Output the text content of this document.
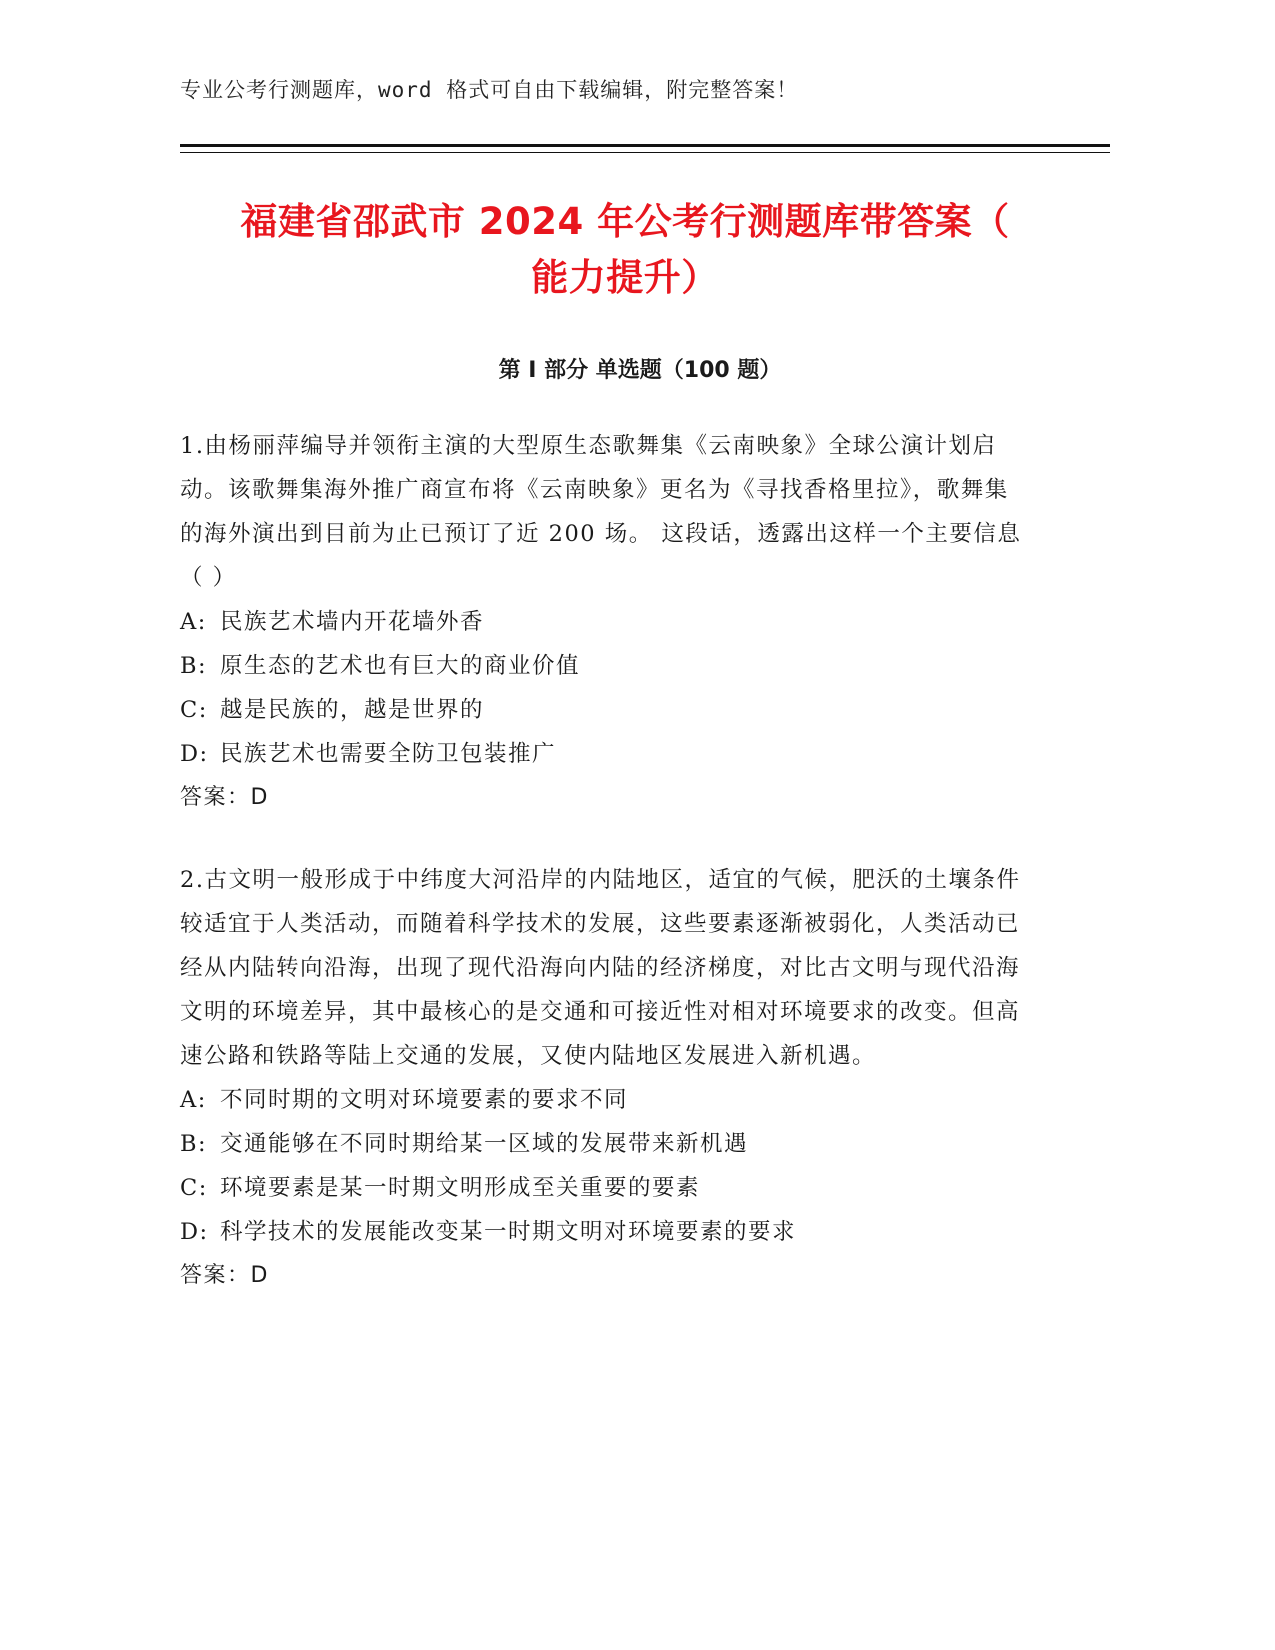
专业公考行测题库，word 格式可自由下载编辑，附完整答案！
福建省邵武市 2024 年公考行测题库带答案（
能力提升）
第 I 部分 单选题（100 题）

1.由杨丽萍编导并领衔主演的大型原生态歌舞集《云南映象》全球公演计划启动。该歌舞集海外推广商宣布将《云南映象》更名为《寻找香格里拉》，歌舞集的海外演出到目前为止已预订了近 200 场。 这段话，透露出这样一个主要信息（ ）

A: 民族艺术墙内开花墙外香

B: 原生态的艺术也有巨大的商业价值

C: 越是民族的，越是世界的

D: 民族艺术也需要全防卫包装推广

答案：D

2.古文明一般形成于中纬度大河沿岸的内陆地区，适宜的气候，肥沃的土壤条件较适宜于人类活动，而随着科学技术的发展，这些要素逐渐被弱化，人类活动已经从内陆转向沿海，出现了现代沿海向内陆的经济梯度，对比古文明与现代沿海文明的环境差异，其中最核心的是交通和可接近性对相对环境要求的改变。但高速公路和铁路等陆上交通的发展，又使内陆地区发展进入新机遇。

A: 不同时期的文明对环境要素的要求不同

B: 交通能够在不同时期给某一区域的发展带来新机遇

C: 环境要素是某一时期文明形成至关重要的要素

D: 科学技术的发展能改变某一时期文明对环境要素的要求

答案：D
